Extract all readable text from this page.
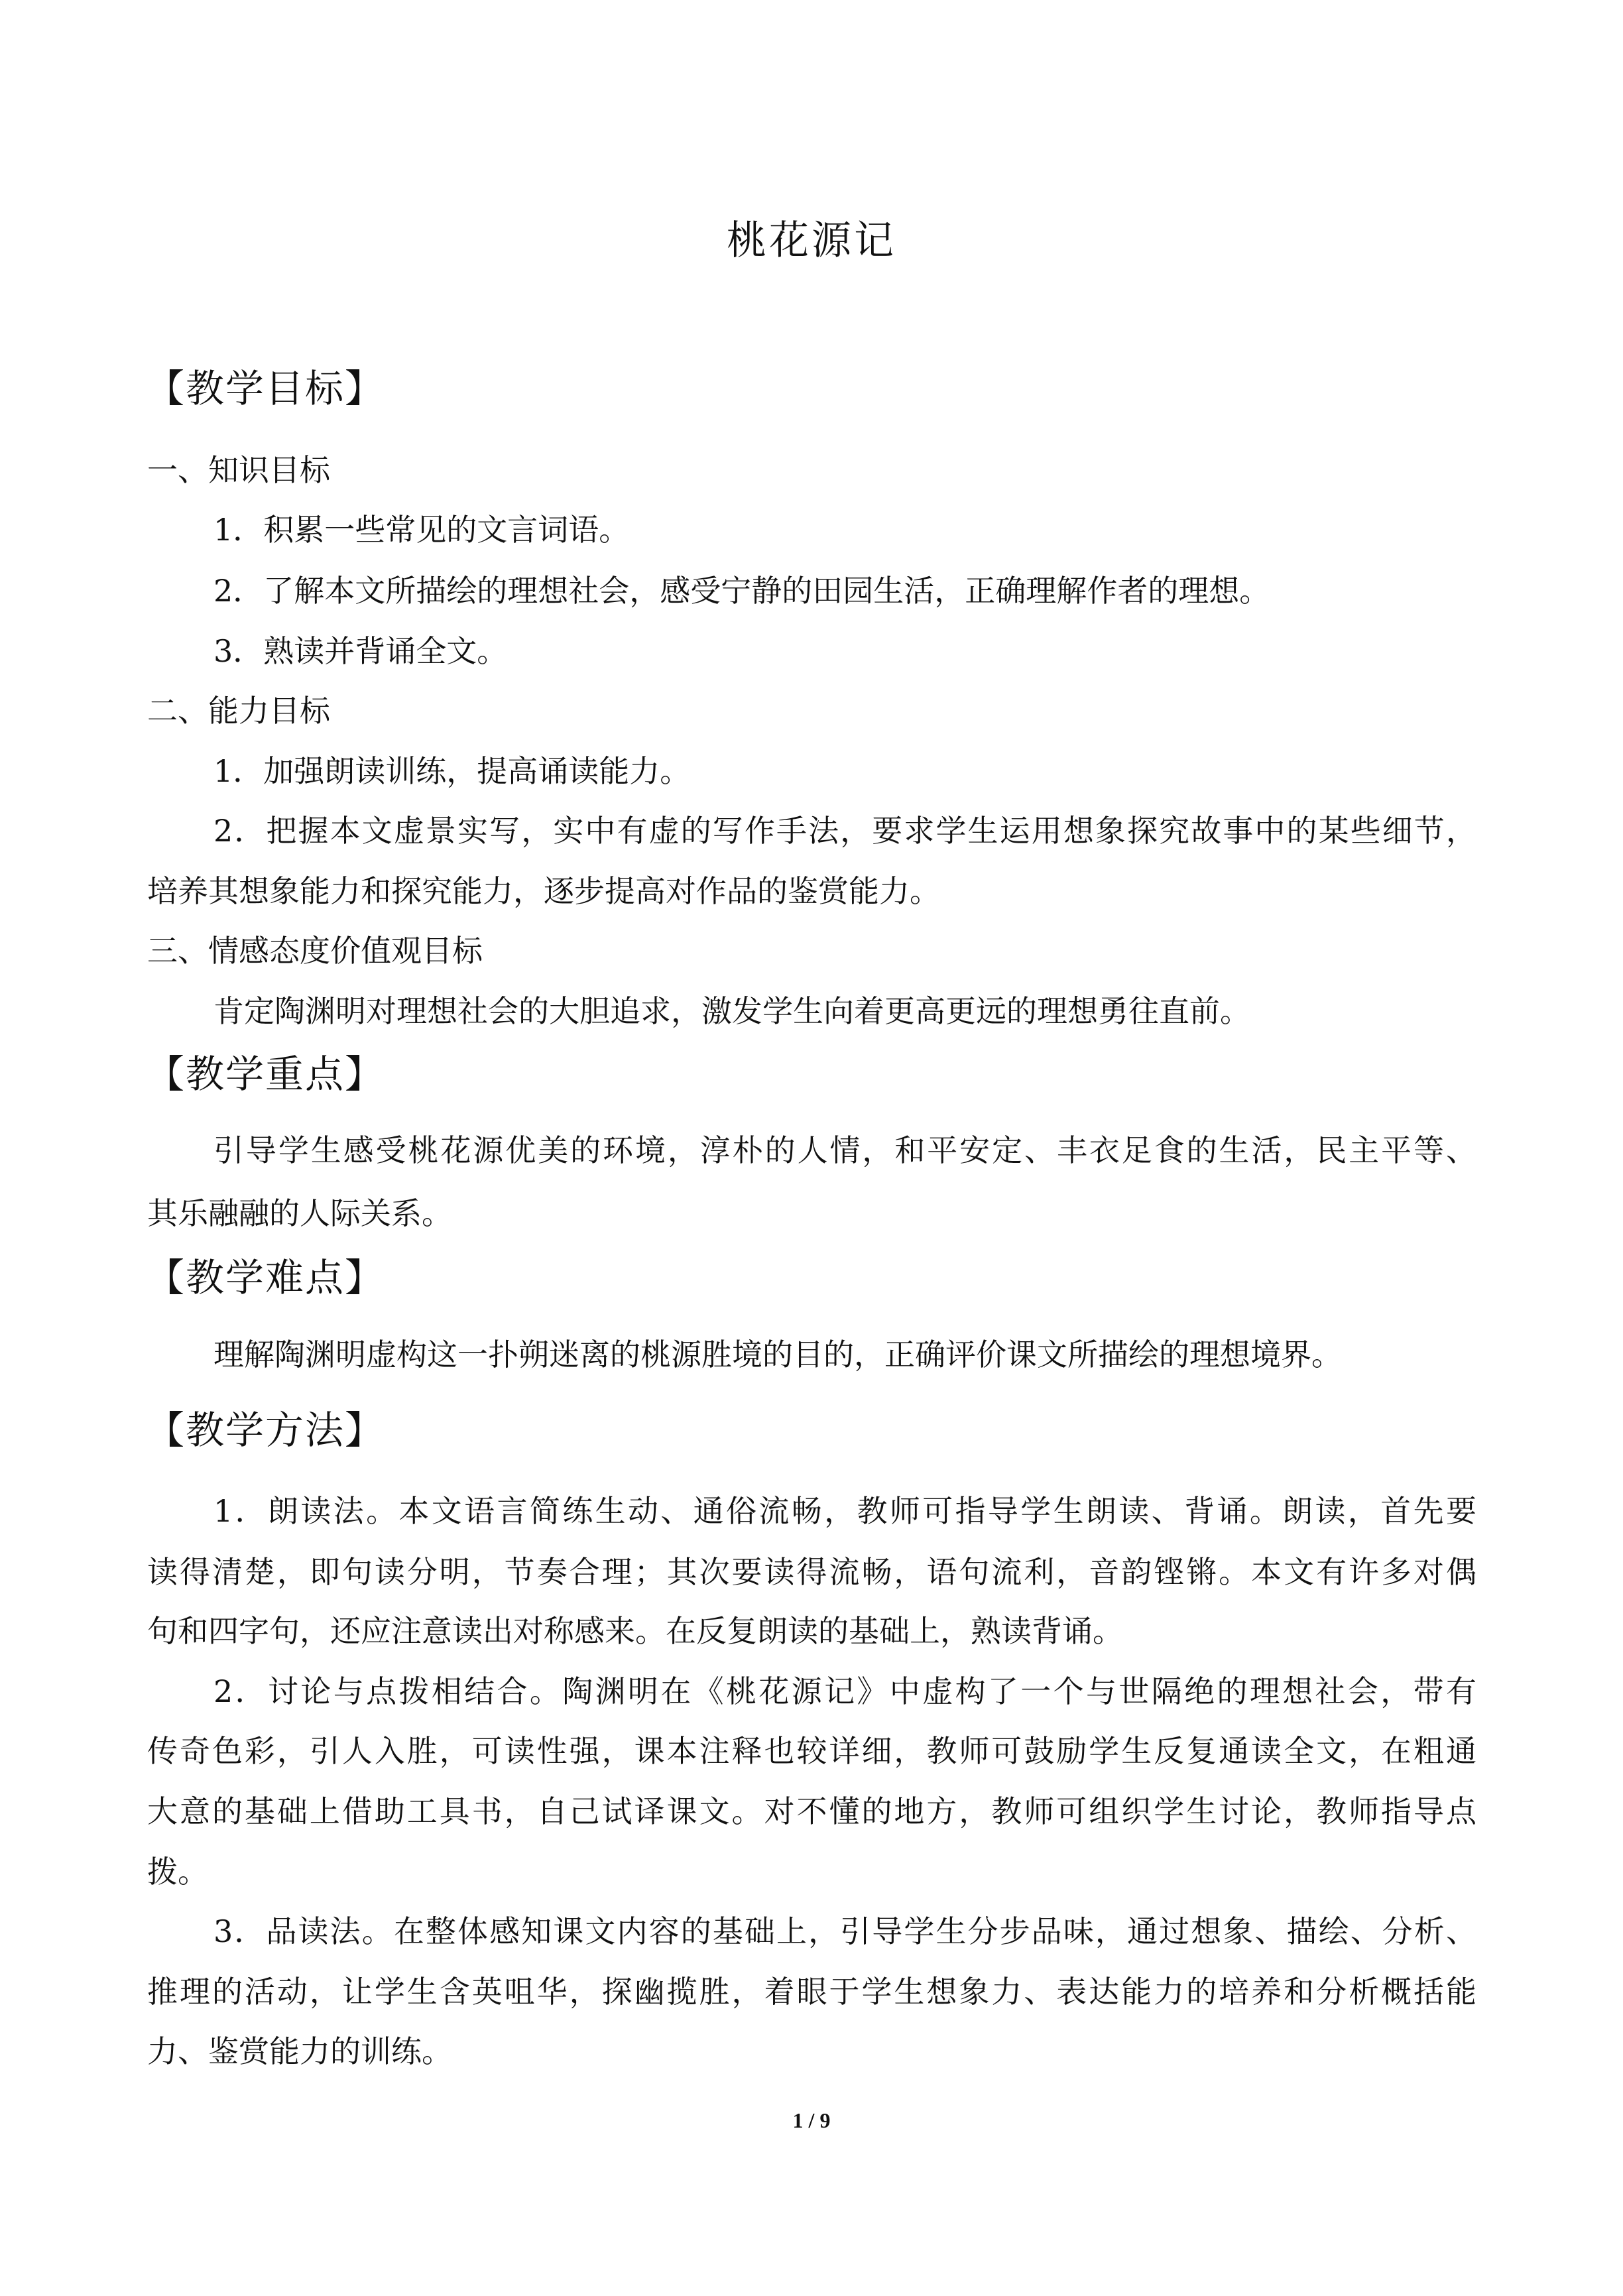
桃花源记
【教学目标】
一、知识目标
1．积累一些常见的文言词语。
2．了解本文所描绘的理想社会，感受宁静的田园生活，正确理解作者的理想。
3．熟读并背诵全文。
二、能力目标
1．加强朗读训练，提高诵读能力。
2．把握本文虚景实写，实中有虚的写作手法，要求学生运用想象探究故事中的某些细节，
培养其想象能力和探究能力，逐步提高对作品的鉴赏能力。
三、情感态度价值观目标
肯定陶渊明对理想社会的大胆追求，激发学生向着更高更远的理想勇往直前。
【教学重点】
引导学生感受桃花源优美的环境，淳朴的人情，和平安定、丰衣足食的生活，民主平等、
其乐融融的人际关系。
【教学难点】
理解陶渊明虚构这一扑朔迷离的桃源胜境的目的，正确评价课文所描绘的理想境界。
【教学方法】
1．朗读法。本文语言简练生动、通俗流畅，教师可指导学生朗读、背诵。朗读，首先要
读得清楚，即句读分明，节奏合理；其次要读得流畅，语句流利，音韵铿锵。本文有许多对偶
句和四字句，还应注意读出对称感来。在反复朗读的基础上，熟读背诵。
2．讨论与点拨相结合。陶渊明在《桃花源记》中虚构了一个与世隔绝的理想社会，带有
传奇色彩，引人入胜，可读性强，课本注释也较详细，教师可鼓励学生反复通读全文，在粗通
大意的基础上借助工具书，自己试译课文。对不懂的地方，教师可组织学生讨论，教师指导点
拨。
3．品读法。在整体感知课文内容的基础上，引导学生分步品味，通过想象、描绘、分析、
推理的活动，让学生含英咀华，探幽揽胜，着眼于学生想象力、表达能力的培养和分析概括能
力、鉴赏能力的训练。
1 / 9
